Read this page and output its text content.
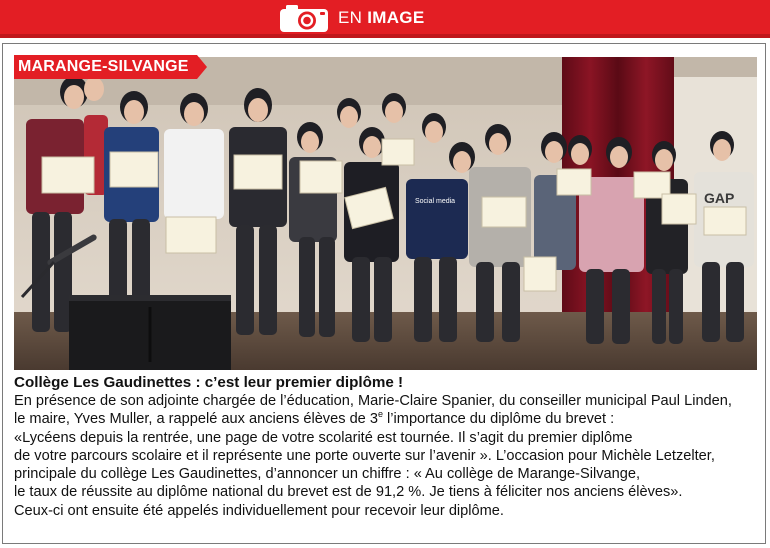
EN IMAGE
Social media	GAP
MARANGE-SILVANGE
Collège Les Gaudinettes : c’est leur premier diplôme !

En présence de son adjointe chargée de l’éducation, Marie-Claire Spanier, du conseiller municipal Paul Linden,

le maire, Yves Muller, a rappelé aux anciens élèves de 3e l’importance du diplôme du brevet :

«Lycéens depuis la rentrée, une page de votre scolarité est tournée. Il s’agit du premier diplôme

de votre parcours scolaire et il représente une porte ouverte sur l’avenir ». L’occasion pour Michèle Letzelter,

principale du collège Les Gaudinettes, d’annoncer un chiffre : « Au collège de Marange-Silvange,

le taux de réussite au diplôme national du brevet est de 91,2 %. Je tiens à féliciter nos anciens élèves».

Ceux-ci ont ensuite été appelés individuellement pour recevoir leur diplôme.
